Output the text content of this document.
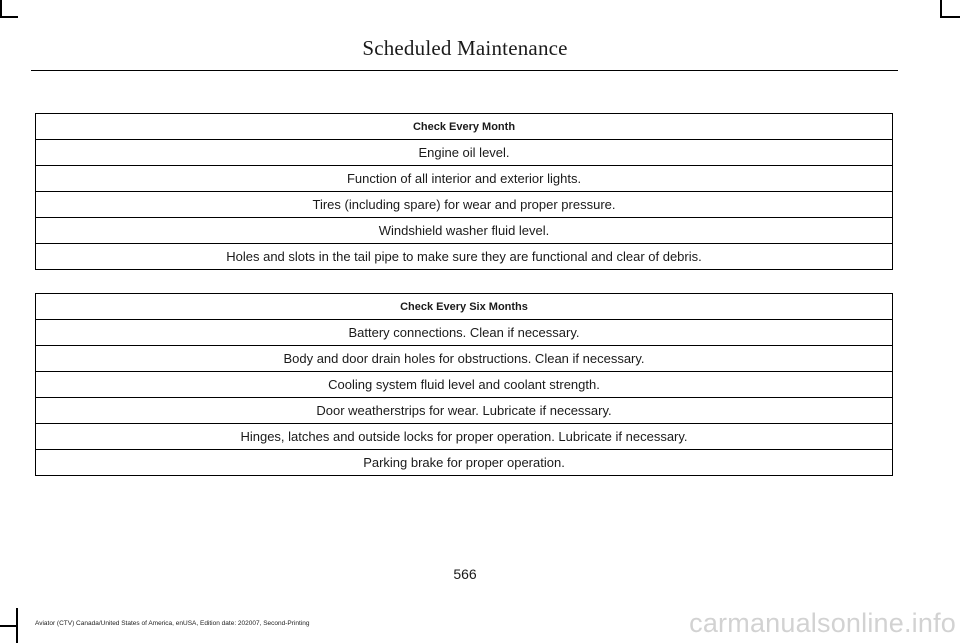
Scheduled Maintenance
Check Every Month
Engine oil level.
Function of all interior and exterior lights.
Tires (including spare) for wear and proper pressure.
Windshield washer fluid level.
Holes and slots in the tail pipe to make sure they are functional and clear of debris.
Check Every Six Months
Battery connections. Clean if necessary.
Body and door drain holes for obstructions. Clean if necessary.
Cooling system fluid level and coolant strength.
Door weatherstrips for wear. Lubricate if necessary.
Hinges, latches and outside locks for proper operation. Lubricate if necessary.
Parking brake for proper operation.
566
Aviator (CTV) Canada/United States of America, enUSA, Edition date: 202007, Second-Printing	carmanualsonline.info
